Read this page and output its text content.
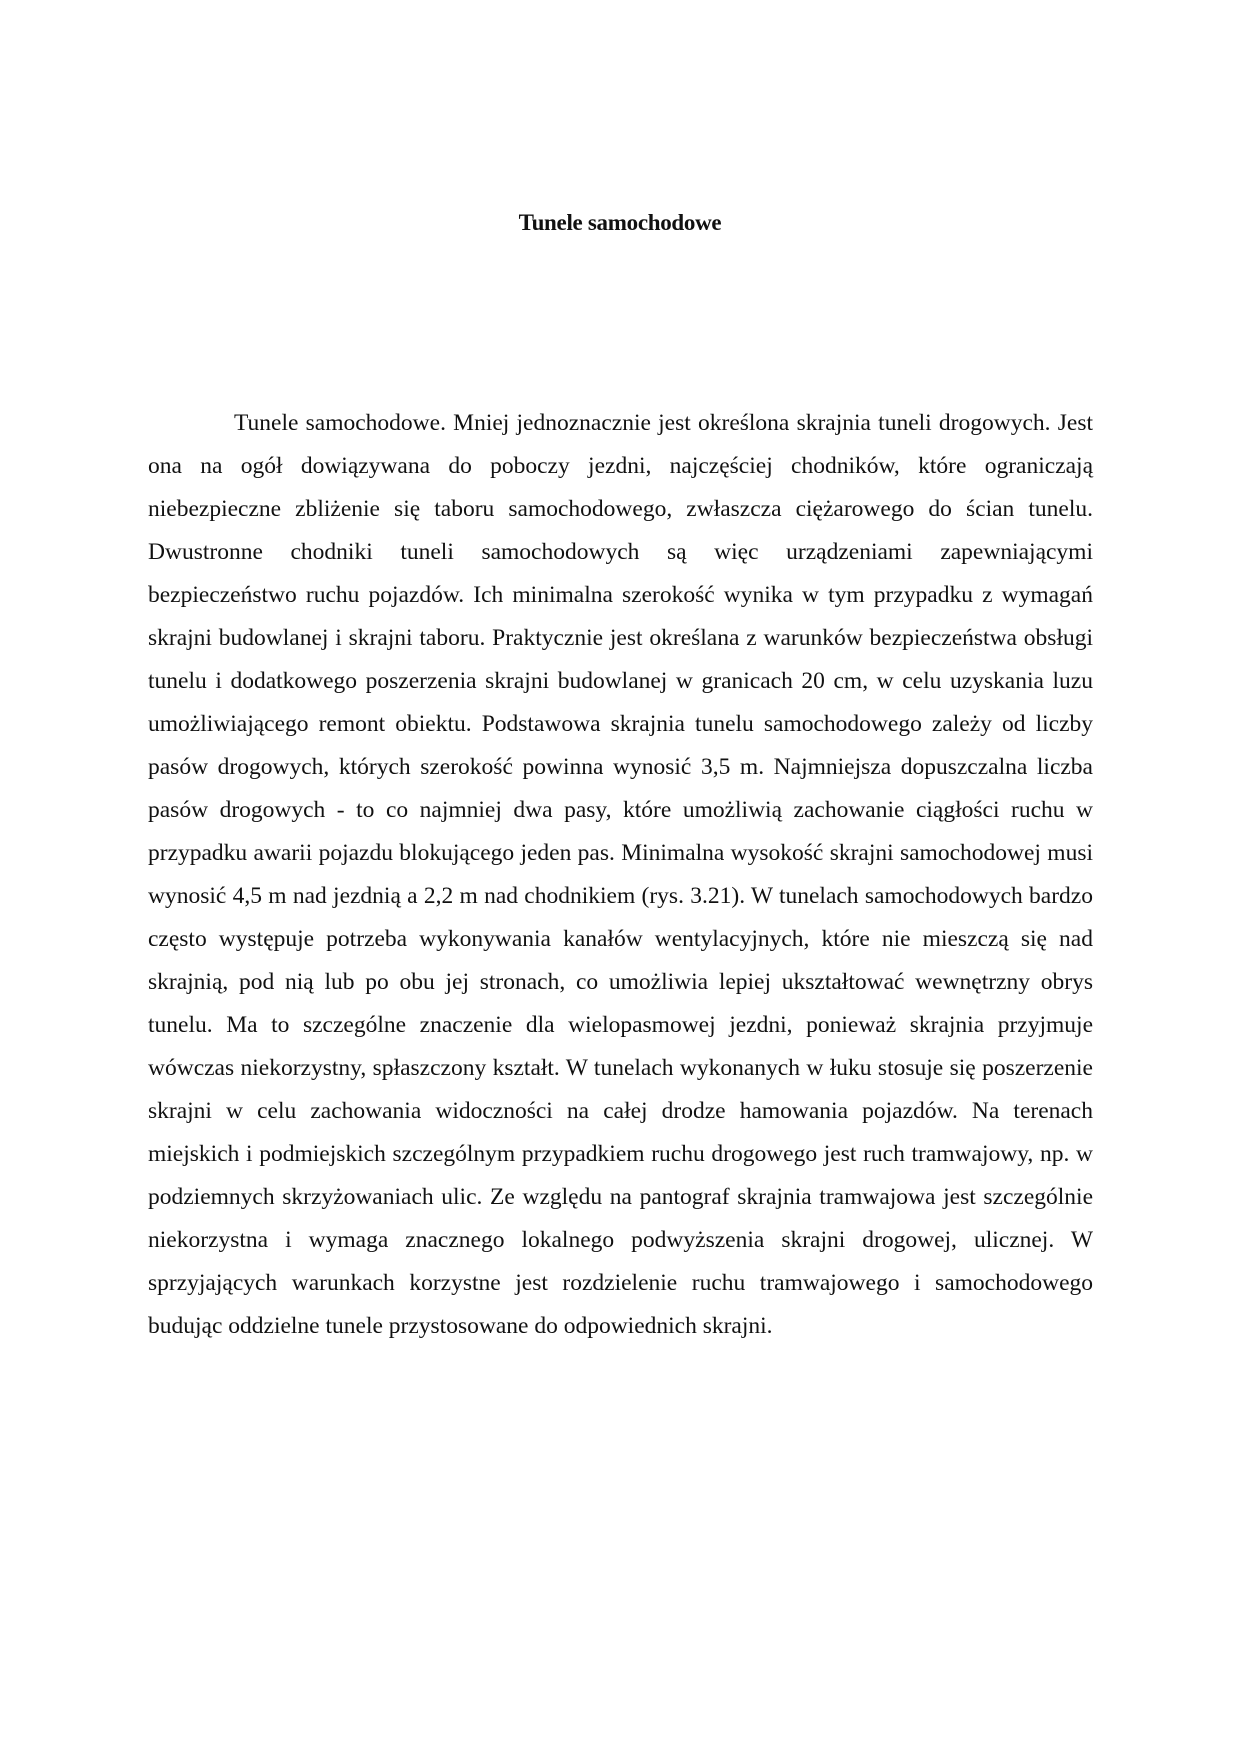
Tunele samochodowe

Tunele samochodowe. Mniej jednoznacznie jest określona skrajnia tuneli drogowych. Jest ona na ogół dowiązywana do poboczy jezdni, najczęściej chodników, które ograniczają niebezpieczne zbliżenie się taboru samochodowego, zwłaszcza ciężarowego do ścian tunelu. Dwustronne chodniki tuneli samochodowych są więc urządzeniami zapewniającymi bezpieczeństwo ruchu pojazdów. Ich minimalna szerokość wynika w tym przypadku z wymagań skrajni budowlanej i skrajni taboru. Praktycznie jest określana z warunków bezpieczeństwa obsługi tunelu i dodatkowego poszerzenia skrajni budowlanej w granicach 20 cm, w celu uzyskania luzu umożliwiającego remont obiektu. Podstawowa skrajnia tunelu samochodowego zależy od liczby pasów drogowych, których szerokość powinna wynosić 3,5 m. Najmniejsza dopuszczalna liczba pasów drogowych - to co najmniej dwa pasy, które umożliwią zachowanie ciągłości ruchu w przypadku awarii pojazdu blokującego jeden pas. Minimalna wysokość skrajni samochodowej musi wynosić 4,5 m nad jezdnią a 2,2 m nad chodnikiem (rys. 3.21). W tunelach samochodowych bardzo często występuje potrzeba wykonywania kanałów wentylacyjnych, które nie mieszczą się nad skrajnią, pod nią lub po obu jej stronach, co umożliwia lepiej ukształtować wewnętrzny obrys tunelu. Ma to szczególne znaczenie dla wielopasmowej jezdni, ponieważ skrajnia przyjmuje wówczas niekorzystny, spłaszczony kształt. W tunelach wykonanych w łuku stosuje się poszerzenie skrajni w celu zachowania widoczności na całej drodze hamowania pojazdów. Na terenach miejskich i podmiejskich szczególnym przypadkiem ruchu drogowego jest ruch tramwajowy, np. w podziemnych skrzyżowaniach ulic. Ze względu na pantograf skrajnia tramwajowa jest szczególnie niekorzystna i wymaga znacznego lokalnego podwyższenia skrajni drogowej, ulicznej. W sprzyjających warunkach korzystne jest rozdzielenie ruchu tramwajowego i samochodowego budując oddzielne tunele przystosowane do odpowiednich skrajni.
